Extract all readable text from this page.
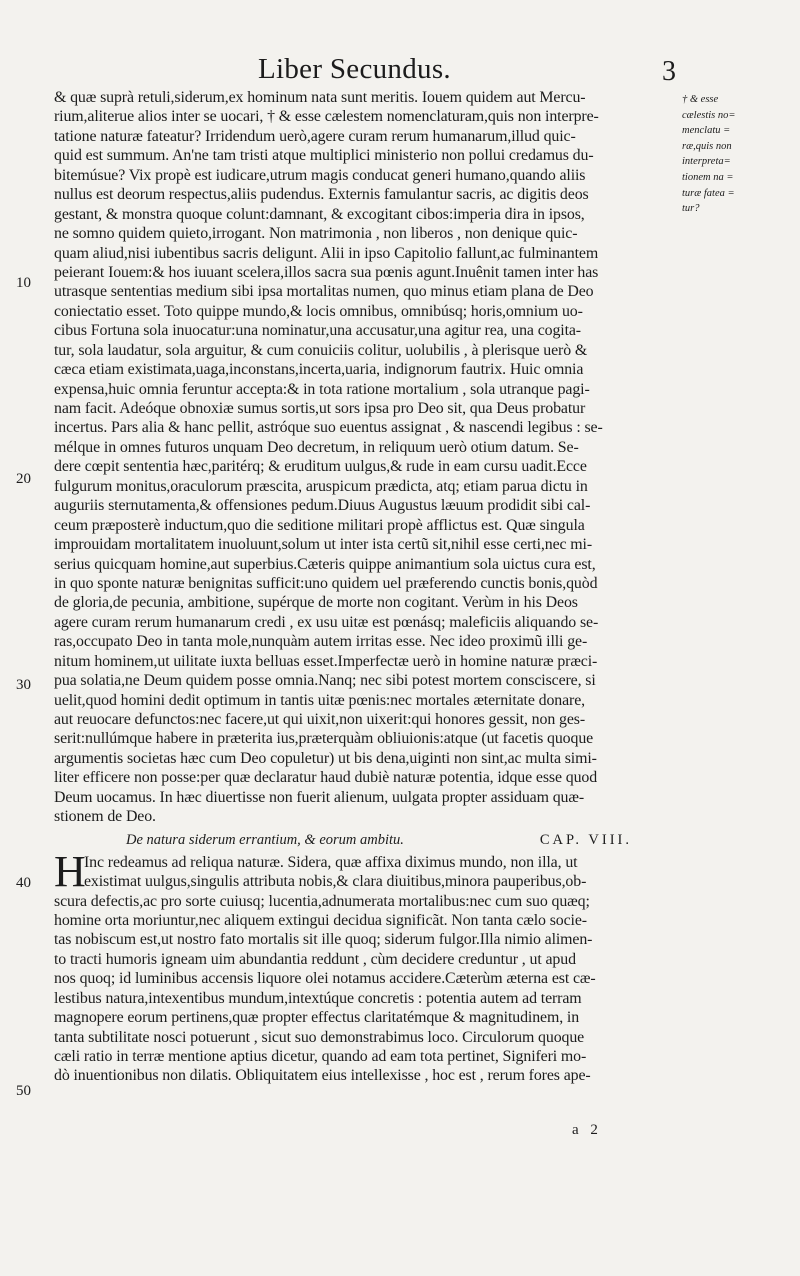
Liber Secundus.	3
† & esse
cælestis no=
menclatu =
ræ,quis non
interpreta=
tionem na =
turæ fatea =
tur?
10
20
30
40
50
& quæ suprà retuli,siderum,ex hominum nata sunt meritis. Iouem quidem aut Mercu-
rium,aliterue alios inter se uocari, † & esse cælestem nomenclaturam,quis non interpre-
tatione naturæ fateatur? Irridendum uerò,agere curam rerum humanarum,illud quic-
quid est summum. An'ne tam tristi atque multiplici ministerio non pollui credamus du-
bitemúsue? Vix propè est iudicare,utrum magis conducat generi humano,quando aliis
nullus est deorum respectus,aliis pudendus. Externis famulantur sacris, ac digitis deos
gestant, & monstra quoque colunt:damnant, & excogitant cibos:imperia dira in ipsos,
ne somno quidem quieto,irrogant. Non matrimonia , non liberos , non denique quic-
quam aliud,nisi iubentibus sacris deligunt. Alii in ipso Capitolio fallunt,ac fulminantem
peierant Iouem:& hos iuuant scelera,illos sacra sua pœnis agunt.Inuênit tamen inter has
utrasque sententias medium sibi ipsa mortalitas numen, quo minus etiam plana de Deo
coniectatio esset. Toto quippe mundo,& locis omnibus, omnibúsq; horis,omnium uo-
cibus Fortuna sola inuocatur:una nominatur,una accusatur,una agitur rea, una cogita-
tur, sola laudatur, sola arguitur, & cum conuiciis colitur, uolubilis , à plerisque uerò &
cæca etiam existimata,uaga,inconstans,incerta,uaria, indignorum fautrix. Huic omnia
expensa,huic omnia feruntur accepta:& in tota ratione mortalium , sola utranque pagi-
nam facit. Adeóque obnoxiæ sumus sortis,ut sors ipsa pro Deo sit, qua Deus probatur
incertus. Pars alia & hanc pellit, astróque suo euentus assignat , & nascendi legibus : se-
mélque in omnes futuros unquam Deo decretum, in reliquum uerò otium datum. Se-
dere cœpit sententia hæc,paritérq; & eruditum uulgus,& rude in eam cursu uadit.Ecce
fulgurum monitus,oraculorum præscita, aruspicum prædicta, atq; etiam parua dictu in
auguriis sternutamenta,& offensiones pedum.Diuus Augustus læuum prodidit sibi cal-
ceum præposterè inductum,quo die seditione militari propè afflictus est. Quæ singula
improuidam mortalitatem inuoluunt,solum ut inter ista certũ sit,nihil esse certi,nec mi-
serius quicquam homine,aut superbius.Cæteris quippe animantium sola uictus cura est,
in quo sponte naturæ benignitas sufficit:uno quidem uel præferendo cunctis bonis,quòd
de gloria,de pecunia, ambitione, supérque de morte non cogitant. Verùm in his Deos
agere curam rerum humanarum credi , ex usu uitæ est pœnásq; maleficiis aliquando se-
ras,occupato Deo in tanta mole,nunquàm autem irritas esse. Nec ideo proximũ illi ge-
nitum hominem,ut uilitate iuxta belluas esset.Imperfectæ uerò in homine naturæ præci-
pua solatia,ne Deum quidem posse omnia.Nanq; nec sibi potest mortem consciscere, si
uelit,quod homini dedit optimum in tantis uitæ pœnis:nec mortales æternitate donare,
aut reuocare defunctos:nec facere,ut qui uixit,non uixerit:qui honores gessit, non ges-
serit:nullúmque habere in præterita ius,prӕterquàm obliuionis:atque (ut facetis quoque
argumentis societas hæc cum Deo copuletur) ut bis dena,uiginti non sint,ac multa simi-
liter efficere non posse:per quæ declaratur haud dubiè naturæ potentia, idque esse quod
Deum uocamus. In hæc diuertisse non fuerit alienum, uulgata propter assiduam quæ-
stionem de Deo.
De natura siderum errantium, & eorum ambitu.	CAP. VIII.
H
Inc redeamus ad reliqua naturæ. Sidera, quæ affixa diximus mundo, non illa, ut
existimat uulgus,singulis attributa nobis,& clara diuitibus,minora pauperibus,ob-
scura defectis,ac pro sorte cuiusq; lucentia,adnumerata mortalibus:nec cum suo quæq;
homine orta moriuntur,nec aliquem extingui decidua significãt. Non tanta cælo socie-
tas nobiscum est,ut nostro fato mortalis sit ille quoq; siderum fulgor.Illa nimio alimen-
to tracti humoris igneam uim abundantia reddunt , cùm decidere creduntur , ut apud
nos quoq; id luminibus accensis liquore olei notamus accidere.Cæterùm æterna est cæ-
lestibus natura,intexentibus mundum,intextúque concretis : potentia autem ad terram
magnopere eorum pertinens,quæ propter effectus claritatémque & magnitudinem, in
tanta subtilitate nosci potuerunt , sicut suo demonstrabimus loco. Circulorum quoque
cæli ratio in terræ mentione aptius dicetur, quando ad eam tota pertinet, Signiferi mo-
dò inuentionibus non dilatis. Obliquitatem eius intellexisse , hoc est , rerum fores ape-
a 2
